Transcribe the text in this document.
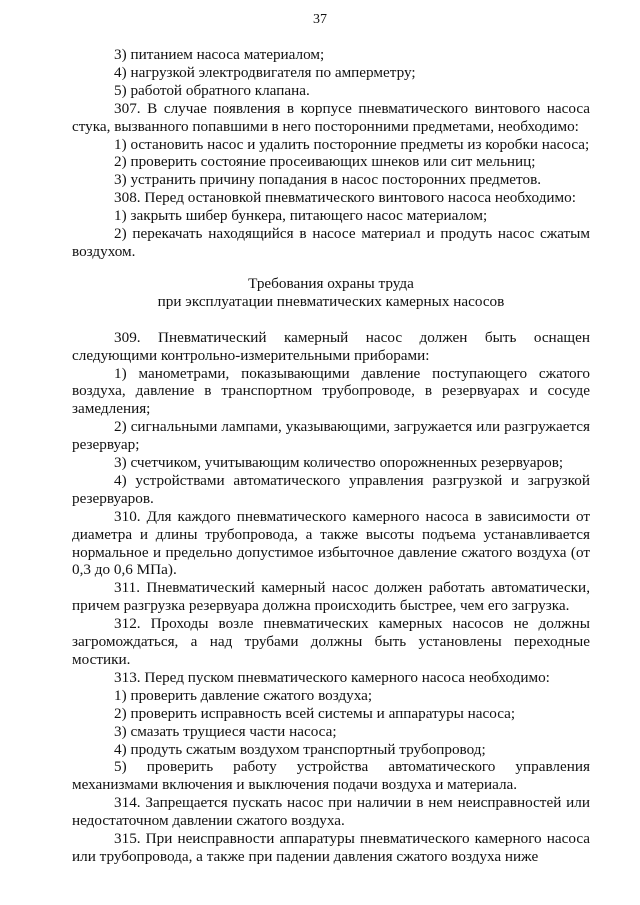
37

3) питанием насоса материалом;

4) нагрузкой электродвигателя по амперметру;

5) работой обратного клапана.

307. В случае появления в корпусе пневматического винтового насоса стука, вызванного попавшими в него посторонними предметами, необходимо:

1) остановить насос и удалить посторонние предметы из коробки насоса;

2) проверить состояние просеивающих шнеков или сит мельниц;

3) устранить причину попадания в насос посторонних предметов.

308. Перед остановкой пневматического винтового насоса необходимо:

1) закрыть шибер бункера, питающего насос материалом;

2) перекачать находящийся в насосе материал и продуть насос сжатым воздухом.

Требования охраны труда
при эксплуатации пневматических камерных насосов

309. Пневматический камерный насос должен быть оснащен следующими контрольно-измерительными приборами:

1) манометрами, показывающими давление поступающего сжатого воздуха, давление в транспортном трубопроводе, в резервуарах и сосуде замедления;

2) сигнальными лампами, указывающими, загружается или разгружается резервуар;

3) счетчиком, учитывающим количество опорожненных резервуаров;

4) устройствами автоматического управления разгрузкой и загрузкой резервуаров.

310. Для каждого пневматического камерного насоса в зависимости от диаметра и длины трубопровода, а также высоты подъема устанавливается нормальное и предельно допустимое избыточное давление сжатого воздуха (от 0,3 до 0,6 МПа).

311. Пневматический камерный насос должен работать автоматически, причем разгрузка резервуара должна происходить быстрее, чем его загрузка.

312. Проходы возле пневматических камерных насосов не должны загромождаться, а над трубами должны быть установлены переходные мостики.

313. Перед пуском пневматического камерного насоса необходимо:

1) проверить давление сжатого воздуха;

2) проверить исправность всей системы и аппаратуры насоса;

3) смазать трущиеся части насоса;

4) продуть сжатым воздухом транспортный трубопровод;

5) проверить работу устройства автоматического управления механизмами включения и выключения подачи воздуха и материала.

314. Запрещается пускать насос при наличии в нем неисправностей или недостаточном давлении сжатого воздуха.

315. При неисправности аппаратуры пневматического камерного насоса или трубопровода, а также при падении давления сжатого воздуха ниже
